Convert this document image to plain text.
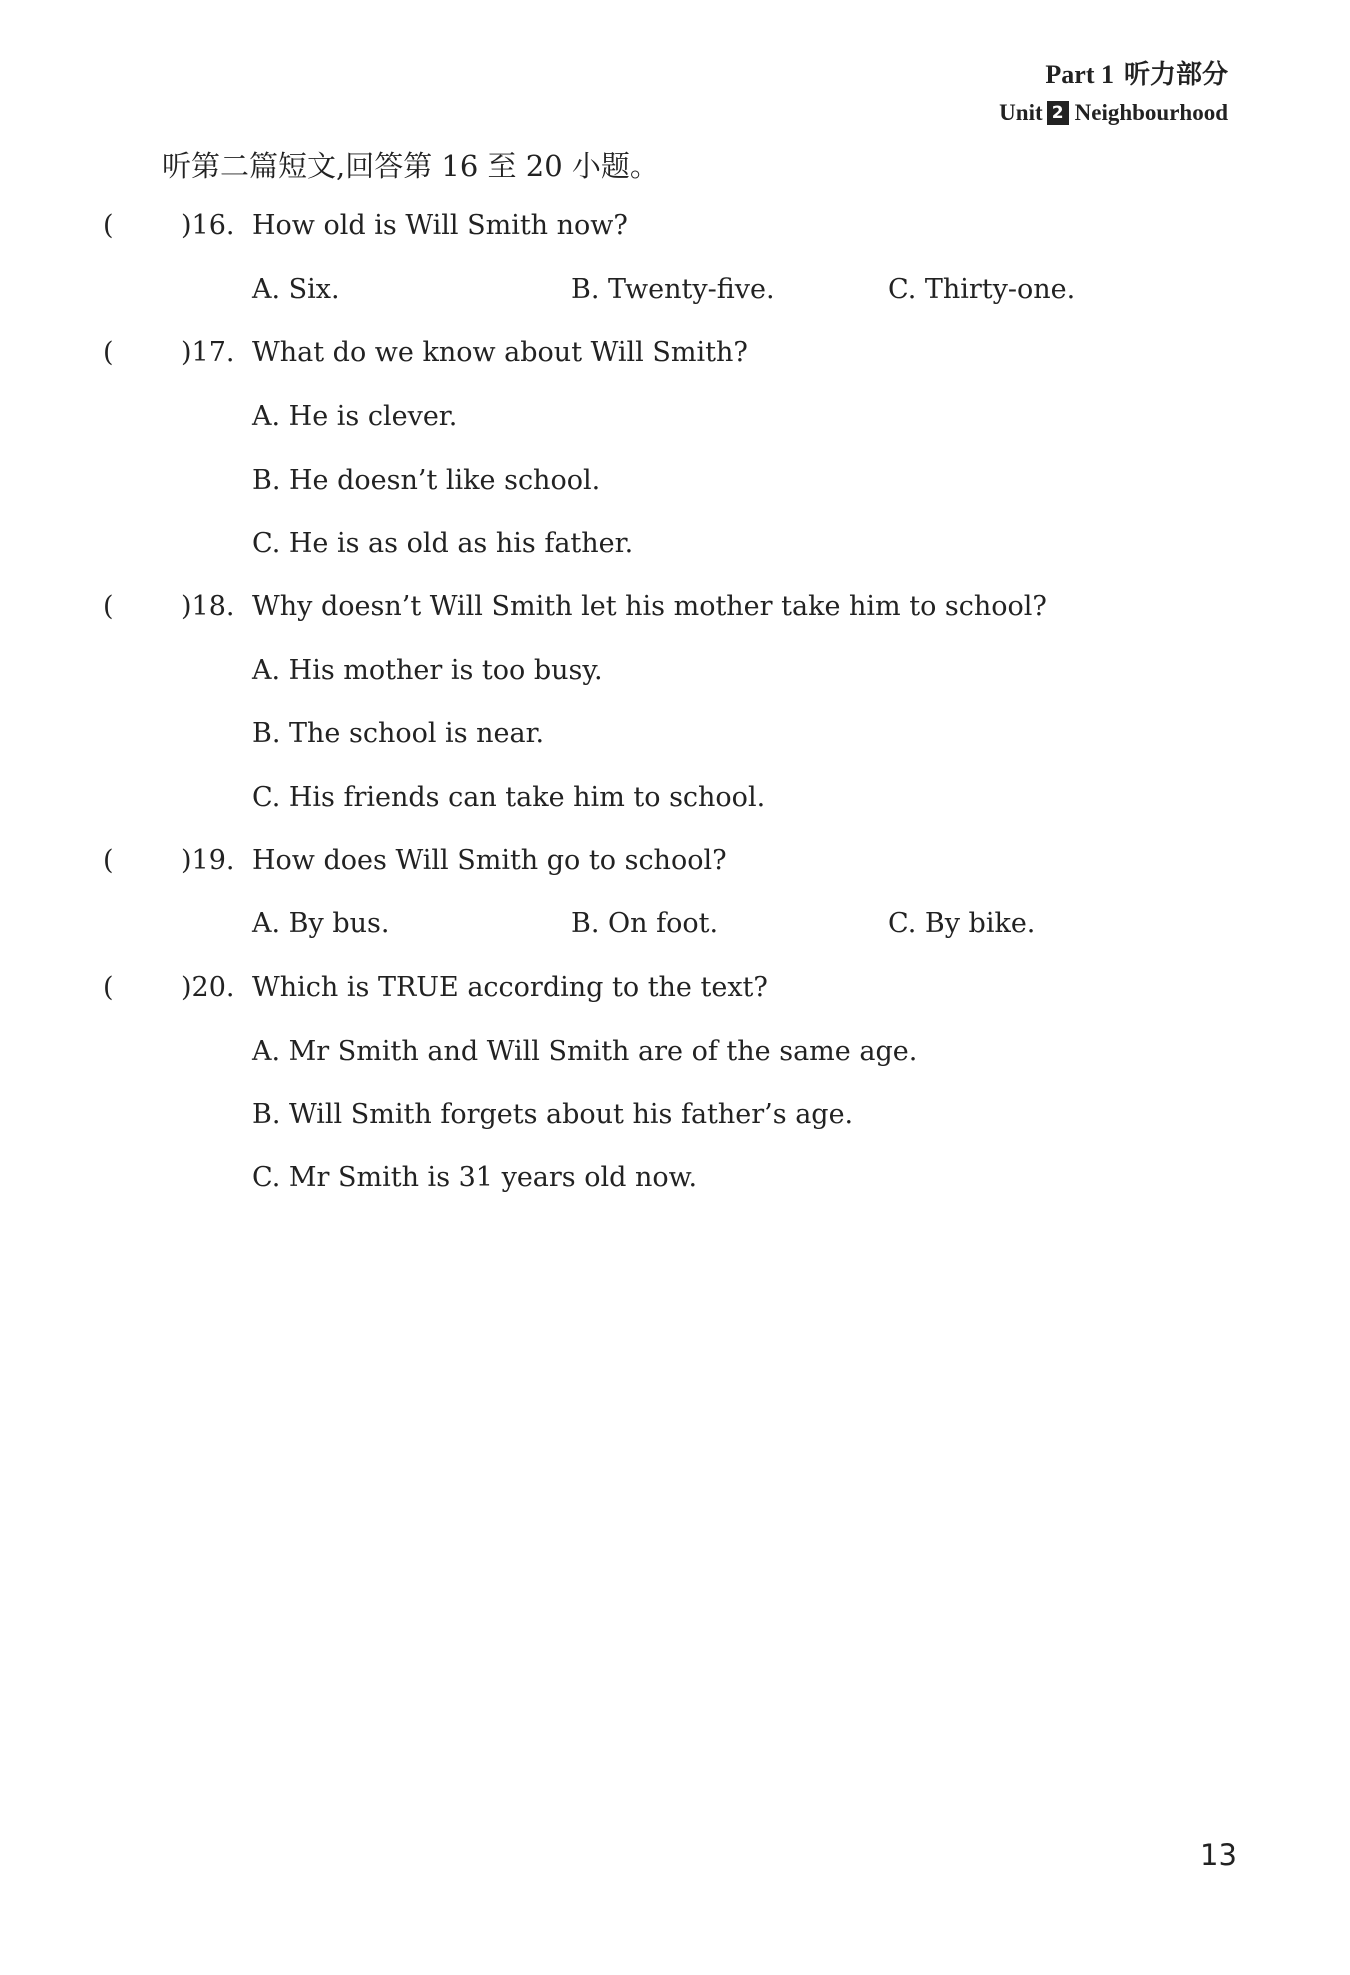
Part 1 听力部分
Unit 2 Neighbourhood
听第二篇短文,回答第 16 至 20 小题。
( )16. How old is Will Smith now?
A. Six.	B. Twenty-five.	C. Thirty-one.
( )17. What do we know about Will Smith?
A. He is clever.
B. He doesn’t like school.
C. He is as old as his father.
( )18. Why doesn’t Will Smith let his mother take him to school?
A. His mother is too busy.
B. The school is near.
C. His friends can take him to school.
( )19. How does Will Smith go to school?
A. By bus.	B. On foot.	C. By bike.
( )20. Which is TRUE according to the text?
A. Mr Smith and Will Smith are of the same age.
B. Will Smith forgets about his father’s age.
C. Mr Smith is 31 years old now.
13
